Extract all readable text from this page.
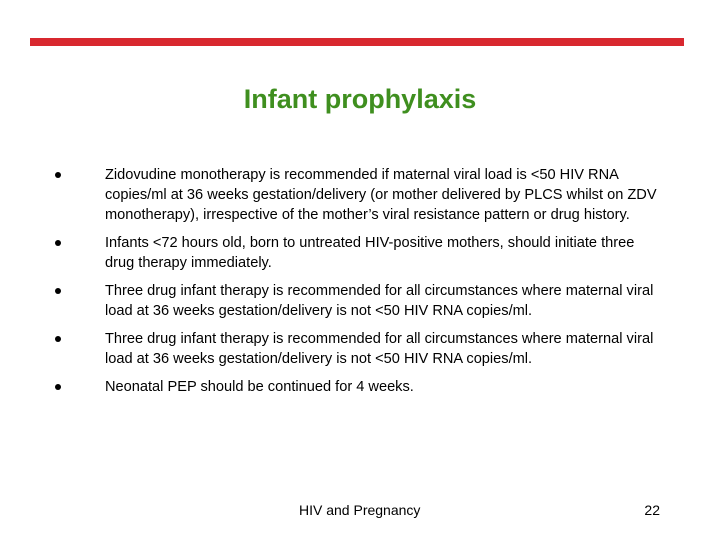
Infant prophylaxis
Zidovudine monotherapy is recommended if maternal viral load is <50 HIV RNA copies/ml at 36 weeks gestation/delivery (or mother delivered by PLCS whilst on ZDV monotherapy), irrespective of the mother’s viral resistance pattern or drug history.
Infants <72 hours old, born to untreated HIV-positive mothers, should initiate three drug therapy immediately.
Three drug infant therapy is recommended for all circumstances where maternal viral load at 36 weeks gestation/delivery is not <50 HIV RNA copies/ml.
Three drug infant therapy is recommended for all circumstances where maternal viral load at 36 weeks gestation/delivery is not <50 HIV RNA copies/ml.
Neonatal PEP should be continued for 4 weeks.
HIV and Pregnancy	22
